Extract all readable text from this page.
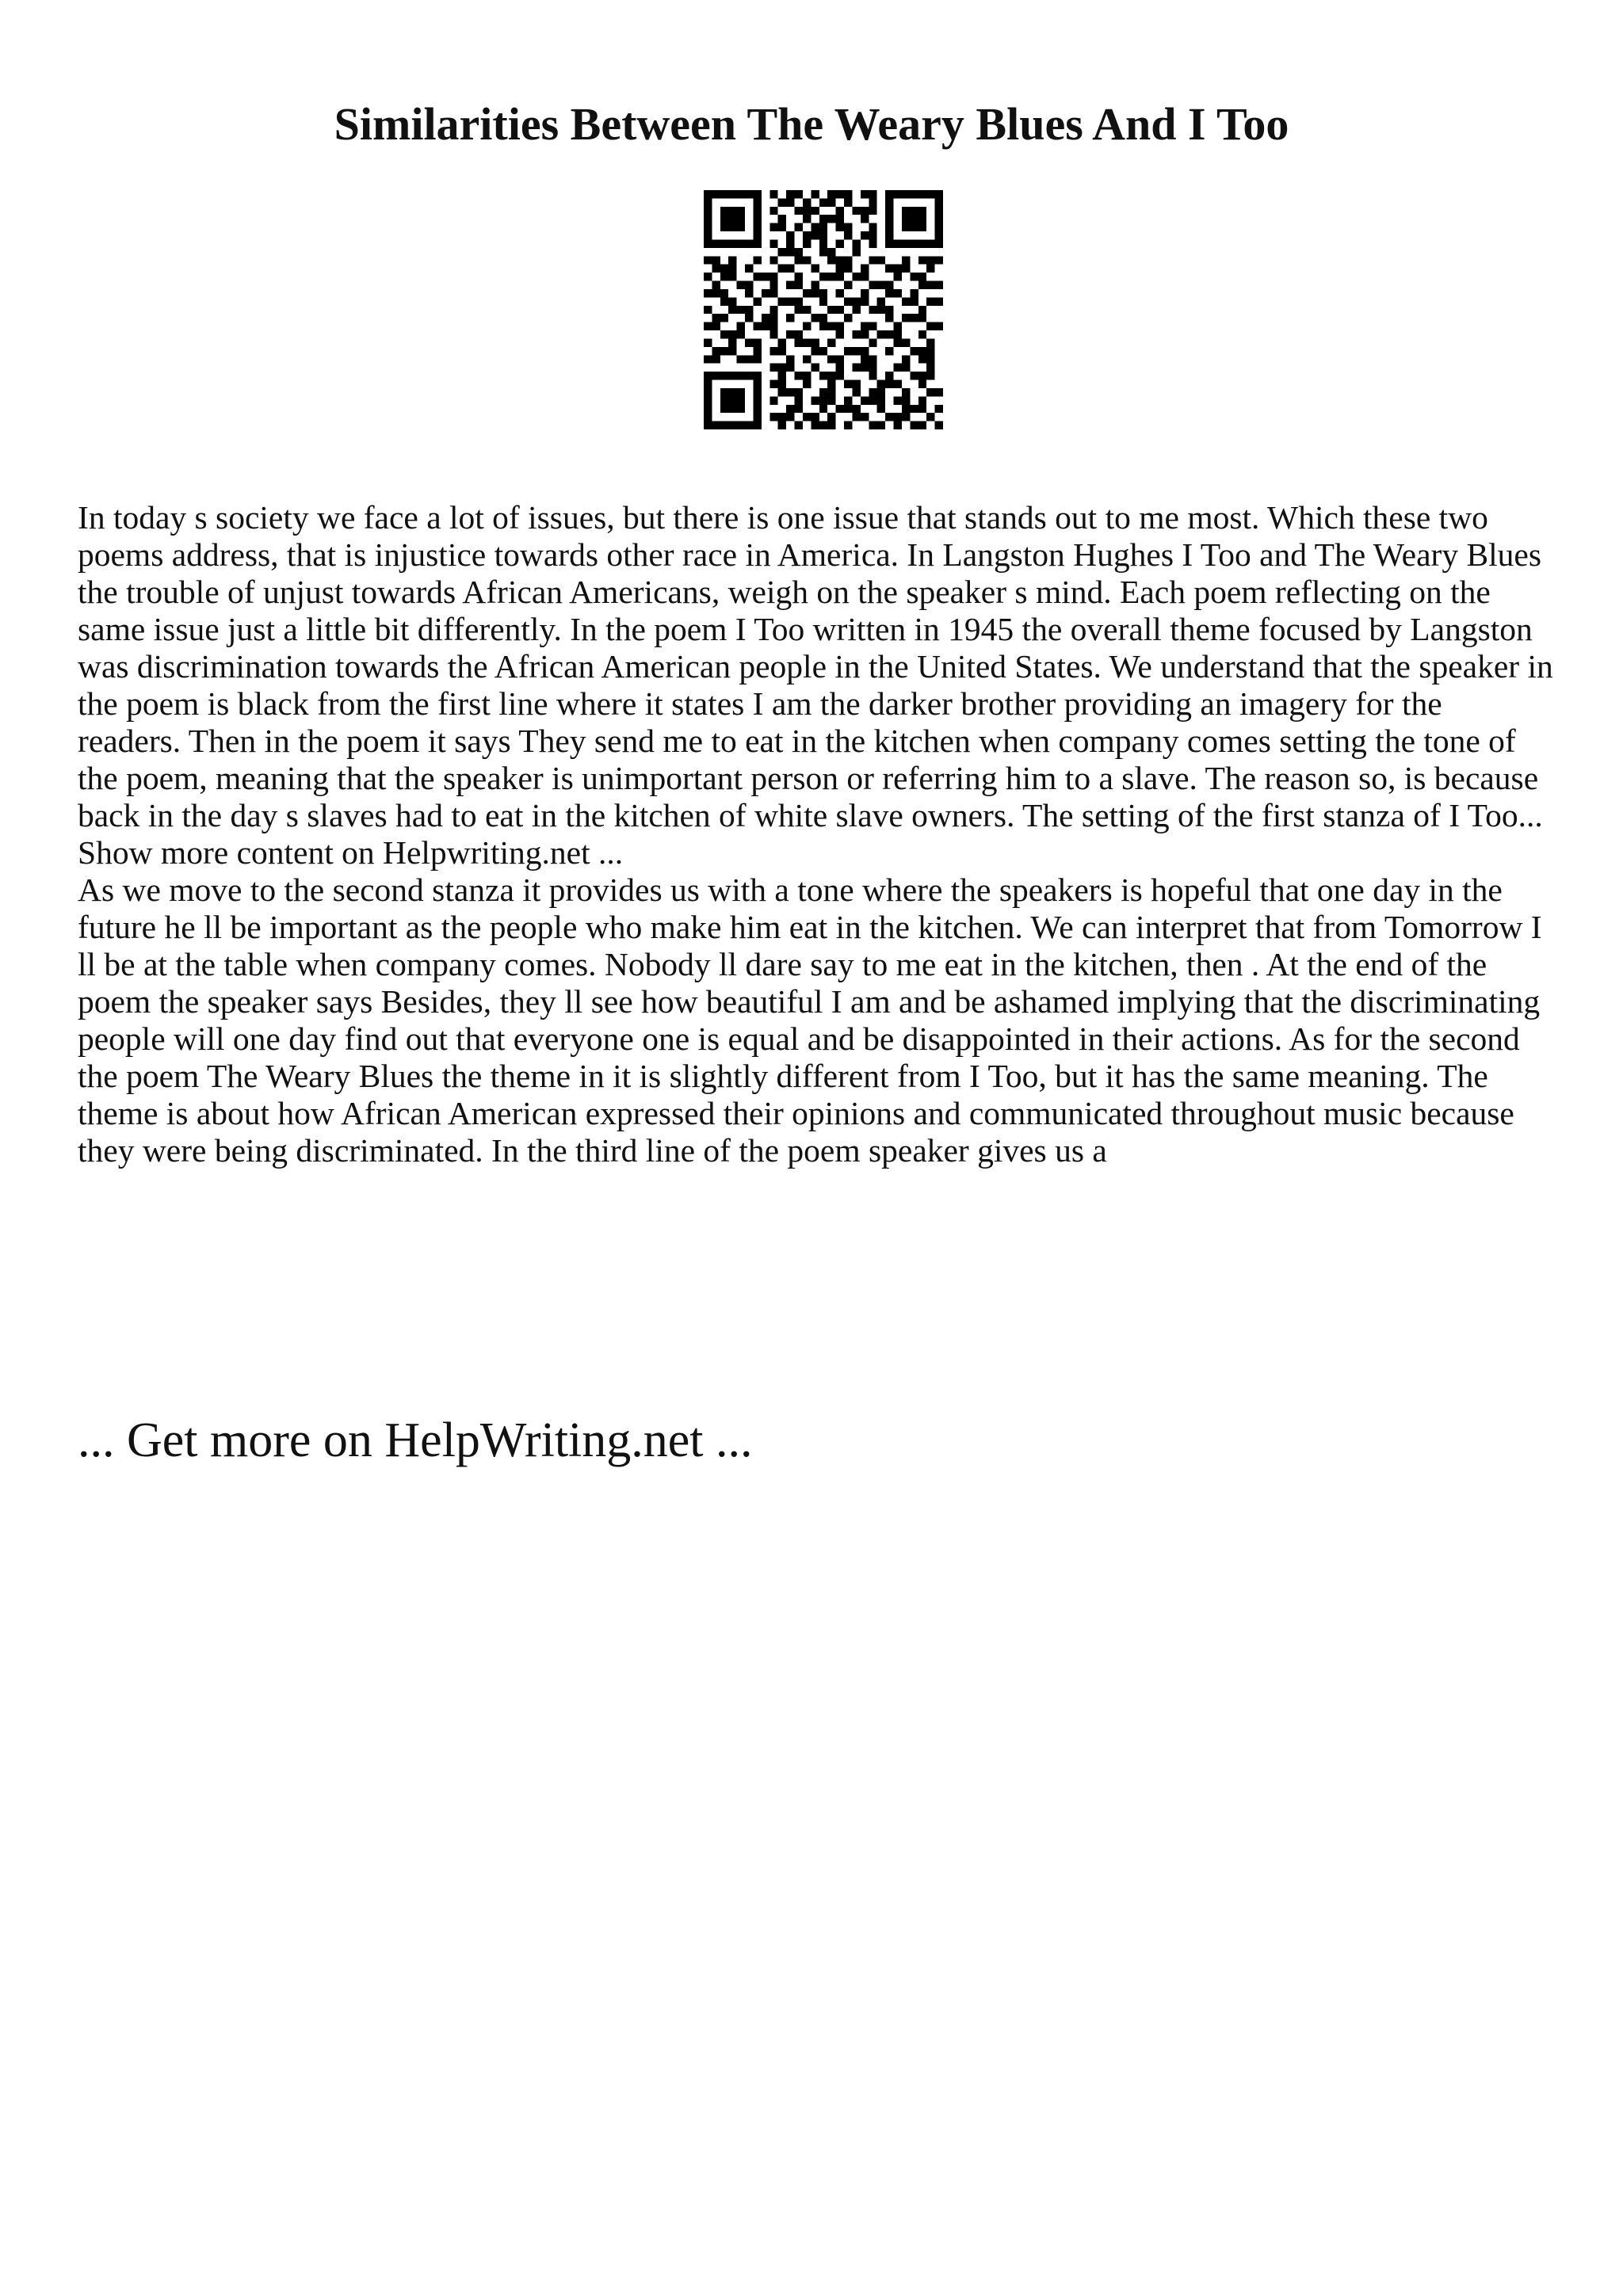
Similarities Between The Weary Blues And I Too

In today s society we face a lot of issues, but there is one issue that stands out to me most. Which these two poems address, that is injustice towards other race in America. In Langston Hughes I Too and The Weary Blues the trouble of unjust towards African Americans, weigh on the speaker s mind. Each poem reflecting on the same issue just a little bit differently. In the poem I Too written in 1945 the overall theme focused by Langston was discrimination towards the African American people in the United States. We understand that the speaker in the poem is black from the first line where it states I am the darker brother providing an imagery for the readers. Then in the poem it says They send me to eat in the kitchen when company comes setting the tone of the poem, meaning that the speaker is unimportant person or referring him to a slave. The reason so, is because back in the day s slaves had to eat in the kitchen of white slave owners. The setting of the first stanza of I Too... Show more content on Helpwriting.net ...

As we move to the second stanza it provides us with a tone where the speakers is hopeful that one day in the future he ll be important as the people who make him eat in the kitchen. We can interpret that from Tomorrow I ll be at the table when company comes. Nobody ll dare say to me eat in the kitchen, then . At the end of the poem the speaker says Besides, they ll see how beautiful I am and be ashamed implying that the discriminating people will one day find out that everyone one is equal and be disappointed in their actions. As for the second the poem The Weary Blues the theme in it is slightly different from I Too, but it has the same meaning. The theme is about how African American expressed their opinions and communicated throughout music because they were being discriminated. In the third line of the poem speaker gives us a

... Get more on HelpWriting.net ...
